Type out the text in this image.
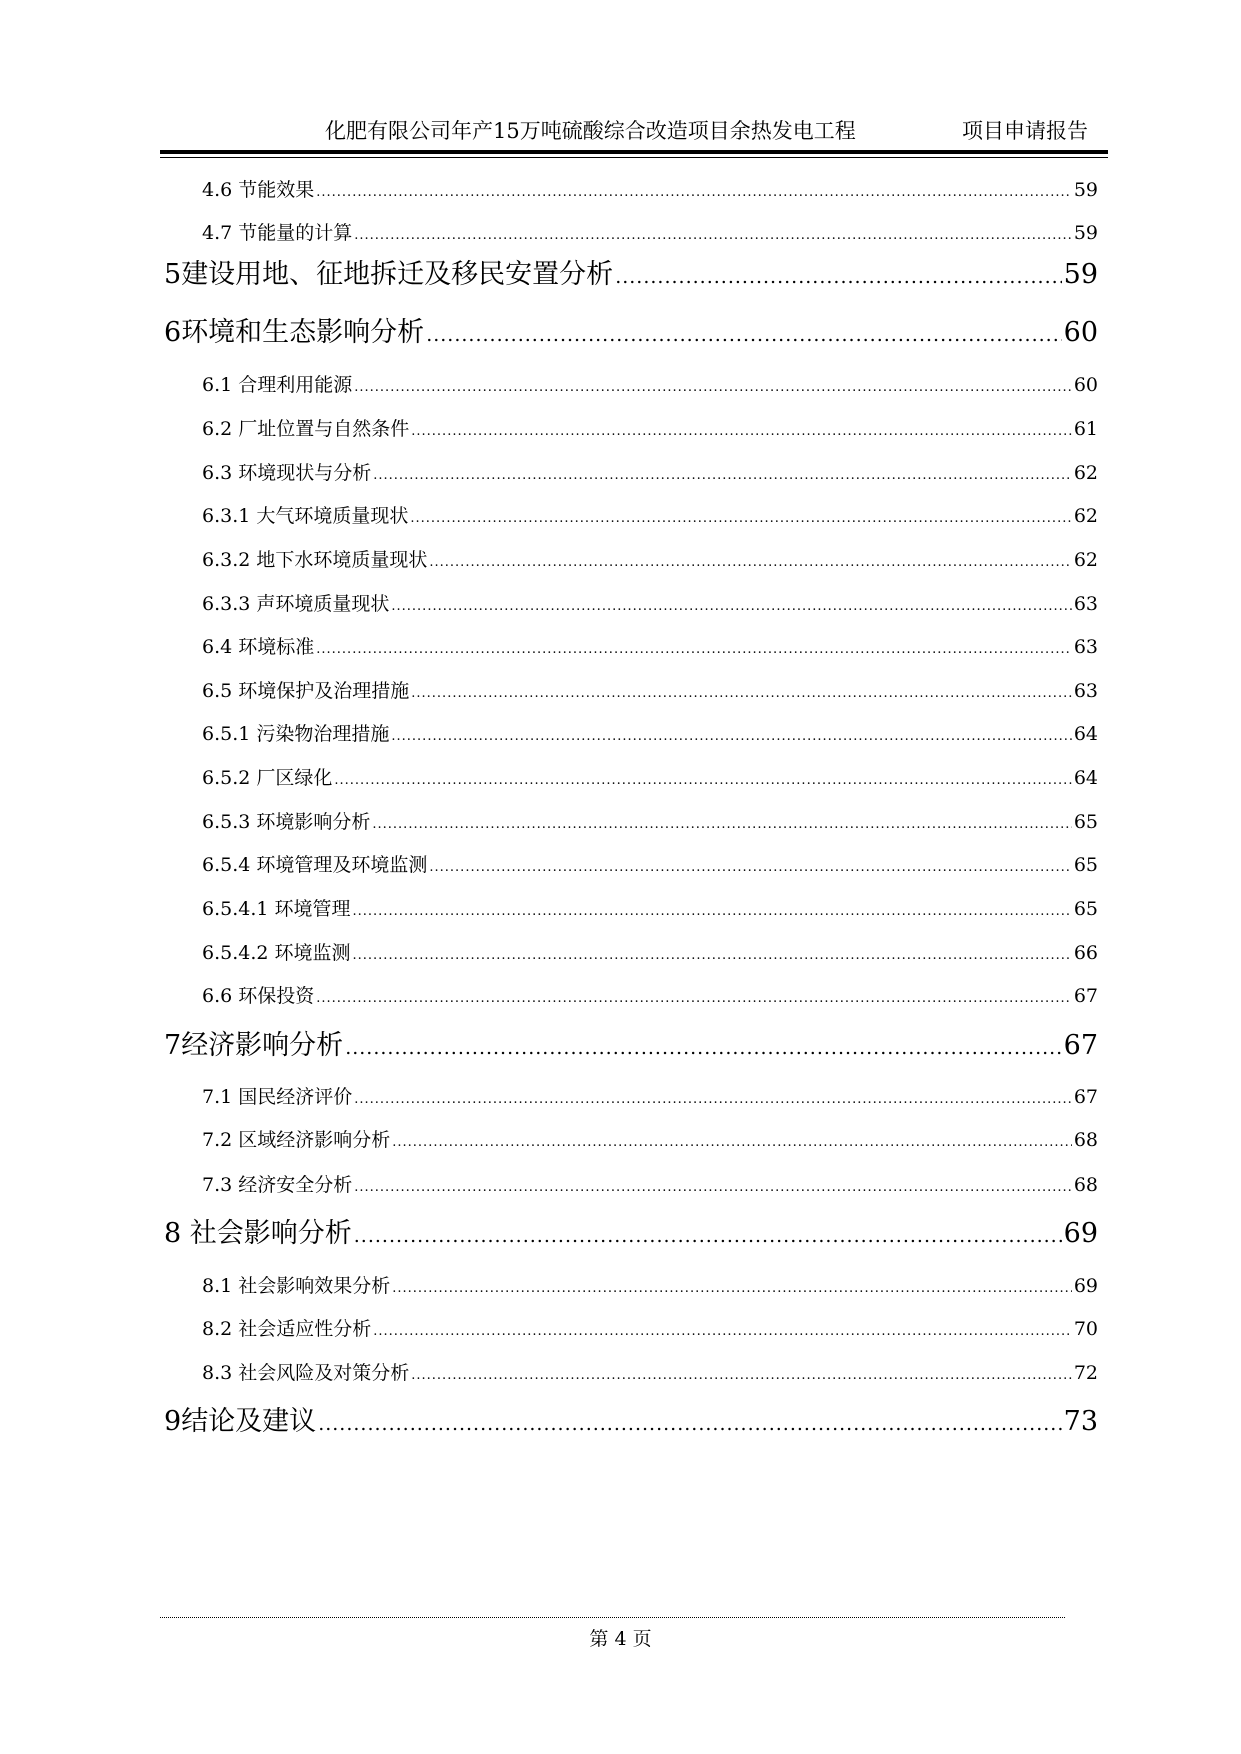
化肥有限公司年产15万吨硫酸综合改造项目余热发电工程	项目申请报告
4.6 节能效果 .....	59
4.7 节能量的计算 .....	59
5 建设用地、征地拆迁及移民安置分析 .....	59
6 环境和生态影响分析 .....	60
6.1 合理利用能源 .....	60
6.2 厂址位置与自然条件 .....	61
6.3 环境现状与分析 .....	62
6.3.1 大气环境质量现状 .....	62
6.3.2 地下水环境质量现状 .....	62
6.3.3 声环境质量现状 .....	63
6.4 环境标准 .....	63
6.5 环境保护及治理措施 .....	63
6.5.1 污染物治理措施 .....	64
6.5.2 厂区绿化 .....	64
6.5.3 环境影响分析 .....	65
6.5.4 环境管理及环境监测 .....	65
6.5.4.1 环境管理 .....	65
6.5.4.2 环境监测 .....	66
6.6 环保投资 .....	67
7 经济影响分析 .....	67
7.1 国民经济评价 .....	67
7.2 区域经济影响分析 .....	68
7.3 经济安全分析 .....	68
8 社会影响分析 .....	69
8.1 社会影响效果分析 .....	69
8.2 社会适应性分析 .....	70
8.3 社会风险及对策分析 .....	72
9 结论及建议 .....	73
第 4 页
